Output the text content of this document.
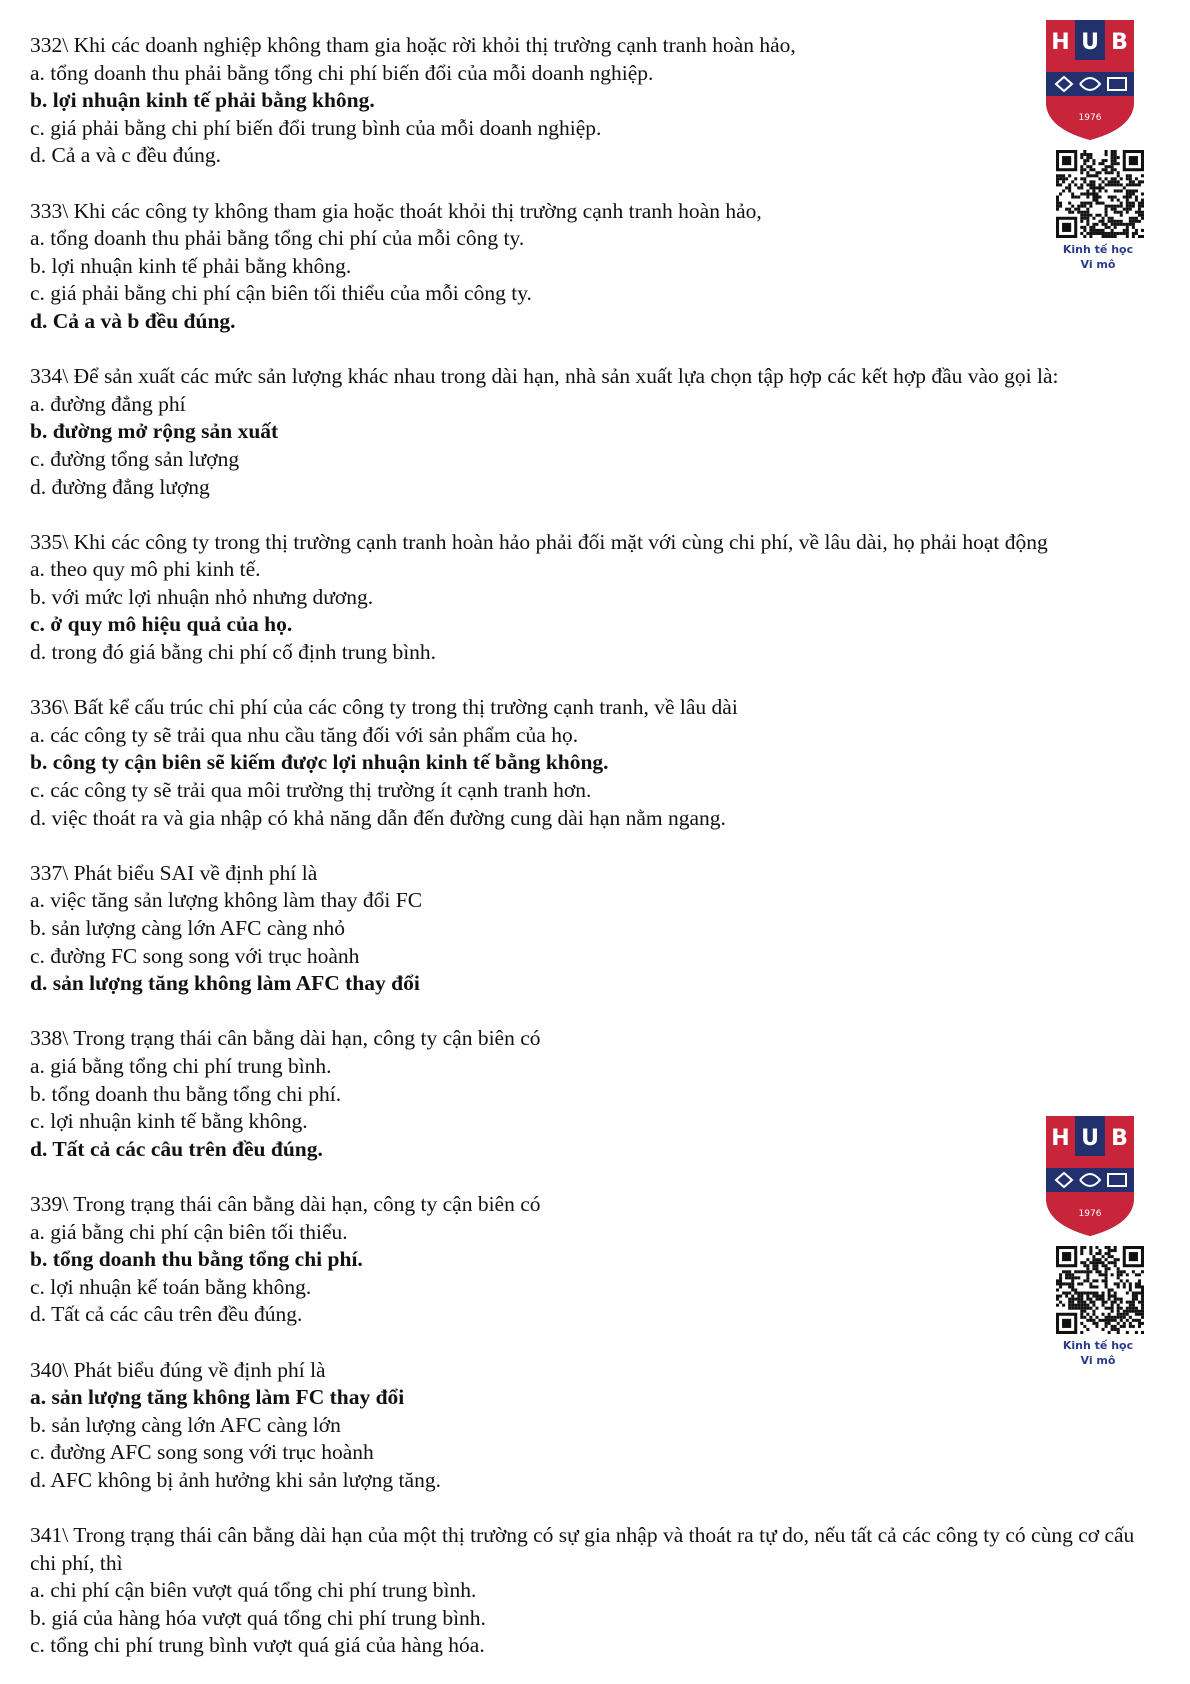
332\ Khi các doanh nghiệp không tham gia hoặc rời khỏi thị trường cạnh tranh hoàn hảo,

a. tổng doanh thu phải bằng tổng chi phí biến đổi của mỗi doanh nghiệp.

b. lợi nhuận kinh tế phải bằng không.

c. giá phải bằng chi phí biến đổi trung bình của mỗi doanh nghiệp.

d. Cả a và c đều đúng.

333\ Khi các công ty không tham gia hoặc thoát khỏi thị trường cạnh tranh hoàn hảo,

a. tổng doanh thu phải bằng tổng chi phí của mỗi công ty.

b. lợi nhuận kinh tế phải bằng không.

c. giá phải bằng chi phí cận biên tối thiểu của mỗi công ty.

d. Cả a và b đều đúng.

334\ Để sản xuất các mức sản lượng khác nhau trong dài hạn, nhà sản xuất lựa chọn tập hợp các kết hợp đầu vào gọi là:

a. đường đẳng phí

b. đường mở rộng sản xuất

c. đường tổng sản lượng

d. đường đẳng lượng

335\ Khi các công ty trong thị trường cạnh tranh hoàn hảo phải đối mặt với cùng chi phí, về lâu dài, họ phải hoạt động

a. theo quy mô phi kinh tế.

b. với mức lợi nhuận nhỏ nhưng dương.

c. ở quy mô hiệu quả của họ.

d. trong đó giá bằng chi phí cố định trung bình.

336\ Bất kể cấu trúc chi phí của các công ty trong thị trường cạnh tranh, về lâu dài

a. các công ty sẽ trải qua nhu cầu tăng đối với sản phẩm của họ.

b. công ty cận biên sẽ kiếm được lợi nhuận kinh tế bằng không.

c. các công ty sẽ trải qua môi trường thị trường ít cạnh tranh hơn.

d. việc thoát ra và gia nhập có khả năng dẫn đến đường cung dài hạn nằm ngang.

337\ Phát biểu SAI về định phí là

a. việc tăng sản lượng không làm thay đổi FC

b. sản lượng càng lớn AFC càng nhỏ

c. đường FC song song với trục hoành

d. sản lượng tăng không làm AFC thay đổi

338\ Trong trạng thái cân bằng dài hạn, công ty cận biên có

a. giá bằng tổng chi phí trung bình.

b. tổng doanh thu bằng tổng chi phí.

c. lợi nhuận kinh tế bằng không.

d. Tất cả các câu trên đều đúng.

339\ Trong trạng thái cân bằng dài hạn, công ty cận biên có

a. giá bằng chi phí cận biên tối thiểu.

b. tổng doanh thu bằng tổng chi phí.

c. lợi nhuận kế toán bằng không.

d. Tất cả các câu trên đều đúng.

340\ Phát biểu đúng về định phí là

a. sản lượng tăng không làm FC thay đổi

b. sản lượng càng lớn AFC càng lớn

c. đường AFC song song với trục hoành

d. AFC không bị ảnh hưởng khi sản lượng tăng.

341\ Trong trạng thái cân bằng dài hạn của một thị trường có sự gia nhập và thoát ra tự do, nếu tất cả các công ty có cùng cơ cấu chi phí, thì

a. chi phí cận biên vượt quá tổng chi phí trung bình.

b. giá của hàng hóa vượt quá tổng chi phí trung bình.

c. tổng chi phí trung bình vượt quá giá của hàng hóa.

H U B
1976
Kinh tế học
Vi mô
H U B
1976
Kinh tế học
Vi mô
